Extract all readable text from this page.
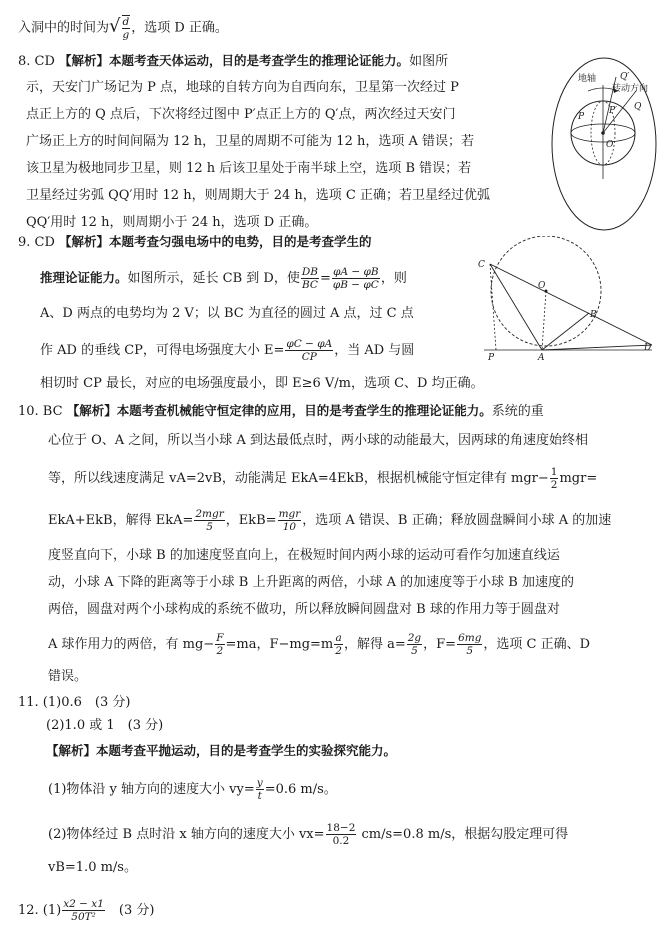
入洞中的时间为√ $\frac{d}{g}$ ，选项 D 正确。
8. CD 【解析】本题考查天体运动，目的是考查学生的推理论证能力。如图所
示，天安门广场记为 P 点，地球的自转方向为自西向东，卫星第一次经过 P
点正上方的 Q 点后，下次将经过图中 P′点正上方的 Q′点，两次经过天安门
广场正上方的时间间隔为 12 h，卫星的周期不可能为 12 h，选项 A 错误；若
该卫星为极地同步卫星，则 12 h 后该卫星处于南半球上空，选项 B 错误；若
卫星经过劣弧 QQ′用时 12 h，则周期大于 24 h，选项 C 正确；若卫星经过优弧
QQ′用时 12 h，则周期小于 24 h，选项 D 正确。
地轴	Q′
转动方向
P′
P
O
Q
9. CD 【解析】本题考查匀强电场中的电势，目的是考查学生的
推理论证能力。如图所示，延长 CB 到 D，使 $\frac{DB}{BC} = \frac{\varphi A - \varphi B}{\varphi B - \varphi C}$ ，则
A、D 两点的电势均为 2 V；以 BC 为直径的圆过 A 点，过 C 点
作 AD 的垂线 CP，可得电场强度大小 $E= \frac{\varphi C - \varphi A}{CP}$ ，当 AD 与圆
相切时 CP 最长，对应的电场强度最小，即 E≥6 V/m，选项 C、D 均正确。
C
O
B
D
P	A
10. BC 【解析】本题考查机械能守恒定律的应用，目的是考查学生的推理论证能力。系统的重
心位于 O、A 之间，所以当小球 A 到达最低点时，两小球的动能最大，因两球的角速度始终相
等，所以线速度满足 vA=2vB，动能满足 EkA=4EkB，根据机械能守恒定律有 $mgr- \frac{1}{2} mgr=$
EkA+EkB，解得 EkA= 2mgr
5 ，EkB= mgr
10 ，选项 A 错误、B 正确；释放圆盘瞬间小球 A 的加速
度竖直向下，小球 B 的加速度竖直向上，在极短时间内两小球的运动可看作匀加速直线运
动，小球 A 下降的距离等于小球 B 上升距离的两倍，小球 A 的加速度等于小球 B 加速度的
两倍，圆盘对两个小球构成的系统不做功，所以释放瞬间圆盘对 B 球的作用力等于圆盘对
A 球作用力的两倍，有 $mg- \frac{F}{2} =ma$，$F-mg=m \frac{a}{2}$ ，解得 $a= \frac{2g}{5}$ ，$F= \frac{6mg}{5}$ ，选项 C 正确、D
错误。
11. (1)0.6　(3 分)
(2)1.0 或 1　(3 分)
【解析】本题考查平抛运动，目的是考查学生的实验探究能力。
(1)物体沿 y 轴方向的速度大小 $vy= \frac{y}{t} =0.6$ m/s。
(2)物体经过 B 点时沿 x 轴方向的速度大小 $vx= \frac{18-2}{0.2} cm/s=0.8$ m/s，根据勾股定理可得
vB=1.0 m/s。
12. $(1) \frac{x2 - x1}{\text{50T²}}$ 　(3 分)
